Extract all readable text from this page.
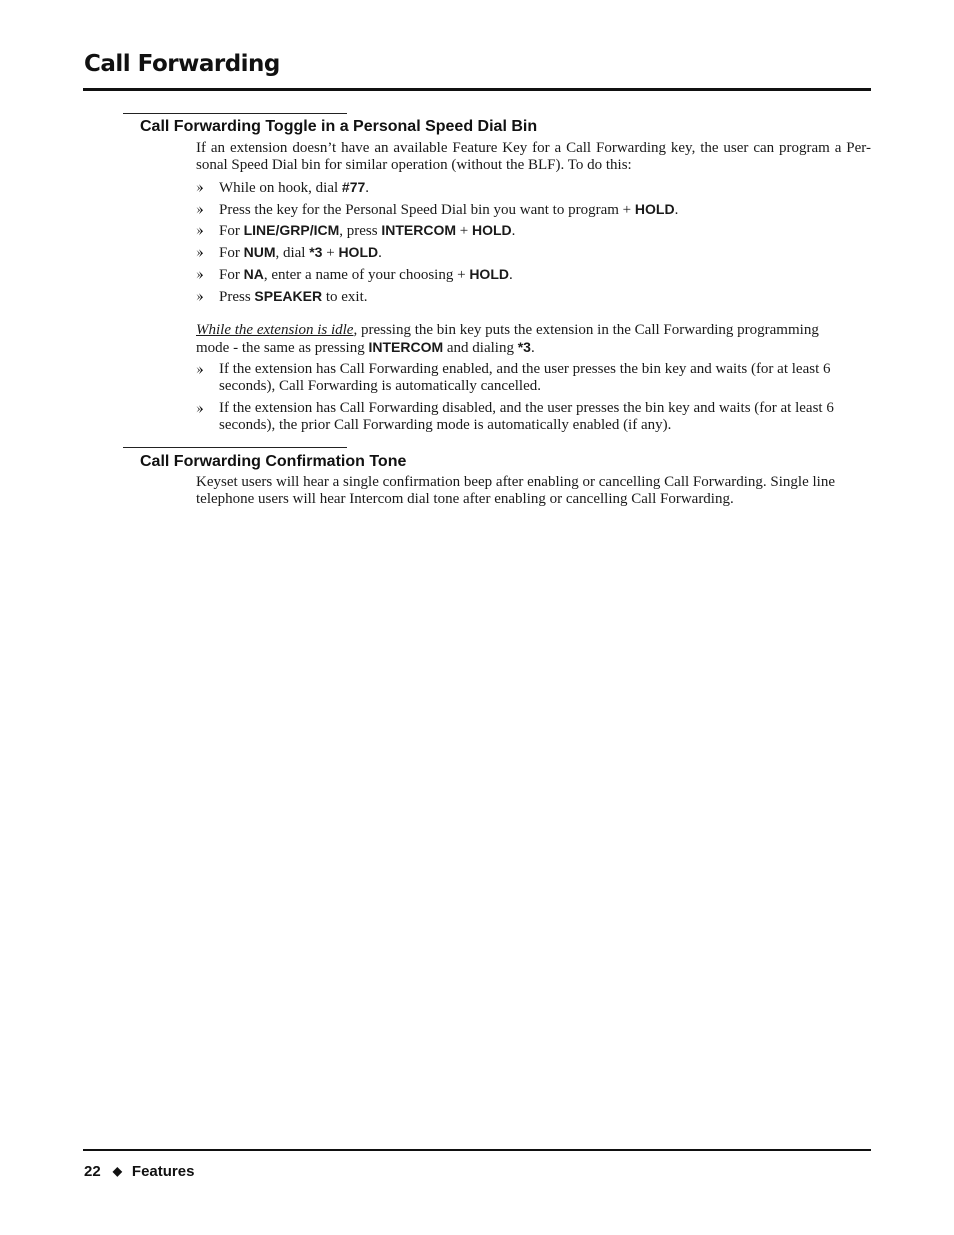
Call Forwarding
Call Forwarding Toggle in a Personal Speed Dial Bin
If an extension doesn’t have an available Feature Key for a Call Forwarding key, the user can program a Per-
sonal Speed Dial bin for similar operation (without the BLF). To do this:
While on hook, dial #77.
Press the key for the Personal Speed Dial bin you want to program + HOLD.
For LINE/GRP/ICM, press INTERCOM + HOLD.
For NUM, dial *3 + HOLD.
For NA, enter a name of your choosing + HOLD.
Press SPEAKER to exit.
While the extension is idle, pressing the bin key puts the extension in the Call Forwarding programming
mode - the same as pressing INTERCOM and dialing *3.
If the extension has Call Forwarding enabled, and the user presses the bin key and waits (for at least 6
seconds), Call Forwarding is automatically cancelled.
If the extension has Call Forwarding disabled, and the user presses the bin key and waits (for at least 6
seconds), the prior Call Forwarding mode is automatically enabled (if any).
Call Forwarding Confirmation Tone
Keyset users will hear a single confirmation beep after enabling or cancelling Call Forwarding. Single line
telephone users will hear Intercom dial tone after enabling or cancelling Call Forwarding.
22 ◆ Features
